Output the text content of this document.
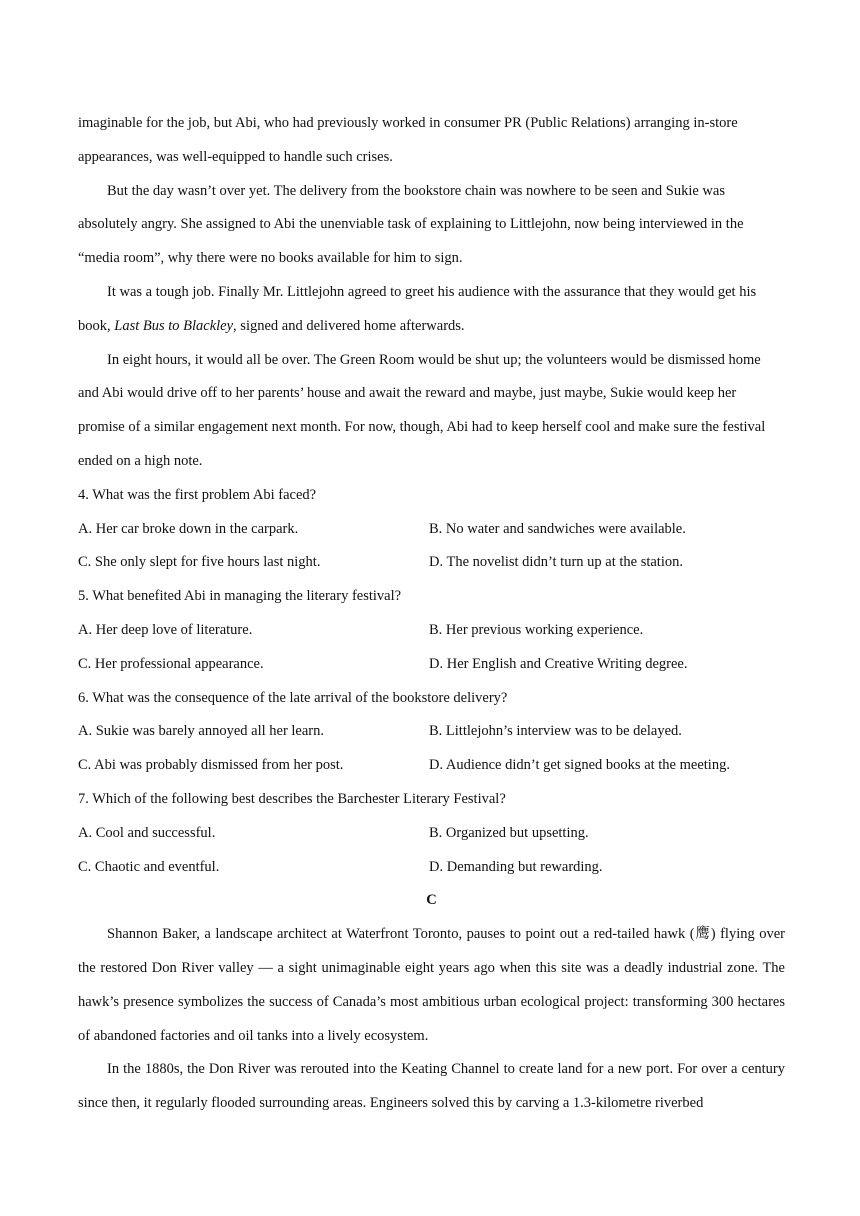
imaginable for the job, but Abi, who had previously worked in consumer PR (Public Relations) arranging in-store appearances, was well-equipped to handle such crises.

But the day wasn’t over yet. The delivery from the bookstore chain was nowhere to be seen and Sukie was absolutely angry. She assigned to Abi the unenviable task of explaining to Littlejohn, now being interviewed in the “media room”, why there were no books available for him to sign.

It was a tough job. Finally Mr. Littlejohn agreed to greet his audience with the assurance that they would get his book, Last Bus to Blackley, signed and delivered home afterwards.

In eight hours, it would all be over. The Green Room would be shut up; the volunteers would be dismissed home and Abi would drive off to her parents’ house and await the reward and maybe, just maybe, Sukie would keep her promise of a similar engagement next month. For now, though, Abi had to keep herself cool and make sure the festival ended on a high note.

4. What was the first problem Abi faced?

A. Her car broke down in the carpark.	B. No water and sandwiches were available.
C. She only slept for five hours last night.	D. The novelist didn’t turn up at the station.

5. What benefited Abi in managing the literary festival?

A. Her deep love of literature.	B. Her previous working experience.
C. Her professional appearance.	D. Her English and Creative Writing degree.

6. What was the consequence of the late arrival of the bookstore delivery?

A. Sukie was barely annoyed all her learn.	B. Littlejohn’s interview was to be delayed.
C. Abi was probably dismissed from her post.	D. Audience didn’t get signed books at the meeting.

7. Which of the following best describes the Barchester Literary Festival?

A. Cool and successful.	B. Organized but upsetting.
C. Chaotic and eventful.	D. Demanding but rewarding.

C

Shannon Baker, a landscape architect at Waterfront Toronto, pauses to point out a red-tailed hawk (鹰) flying over the restored Don River valley — a sight unimaginable eight years ago when this site was a deadly industrial zone. The hawk’s presence symbolizes the success of Canada’s most ambitious urban ecological project: transforming 300 hectares of abandoned factories and oil tanks into a lively ecosystem.

In the 1880s, the Don River was rerouted into the Keating Channel to create land for a new port. For over a century since then, it regularly flooded surrounding areas. Engineers solved this by carving a 1.3-kilometre riverbed
